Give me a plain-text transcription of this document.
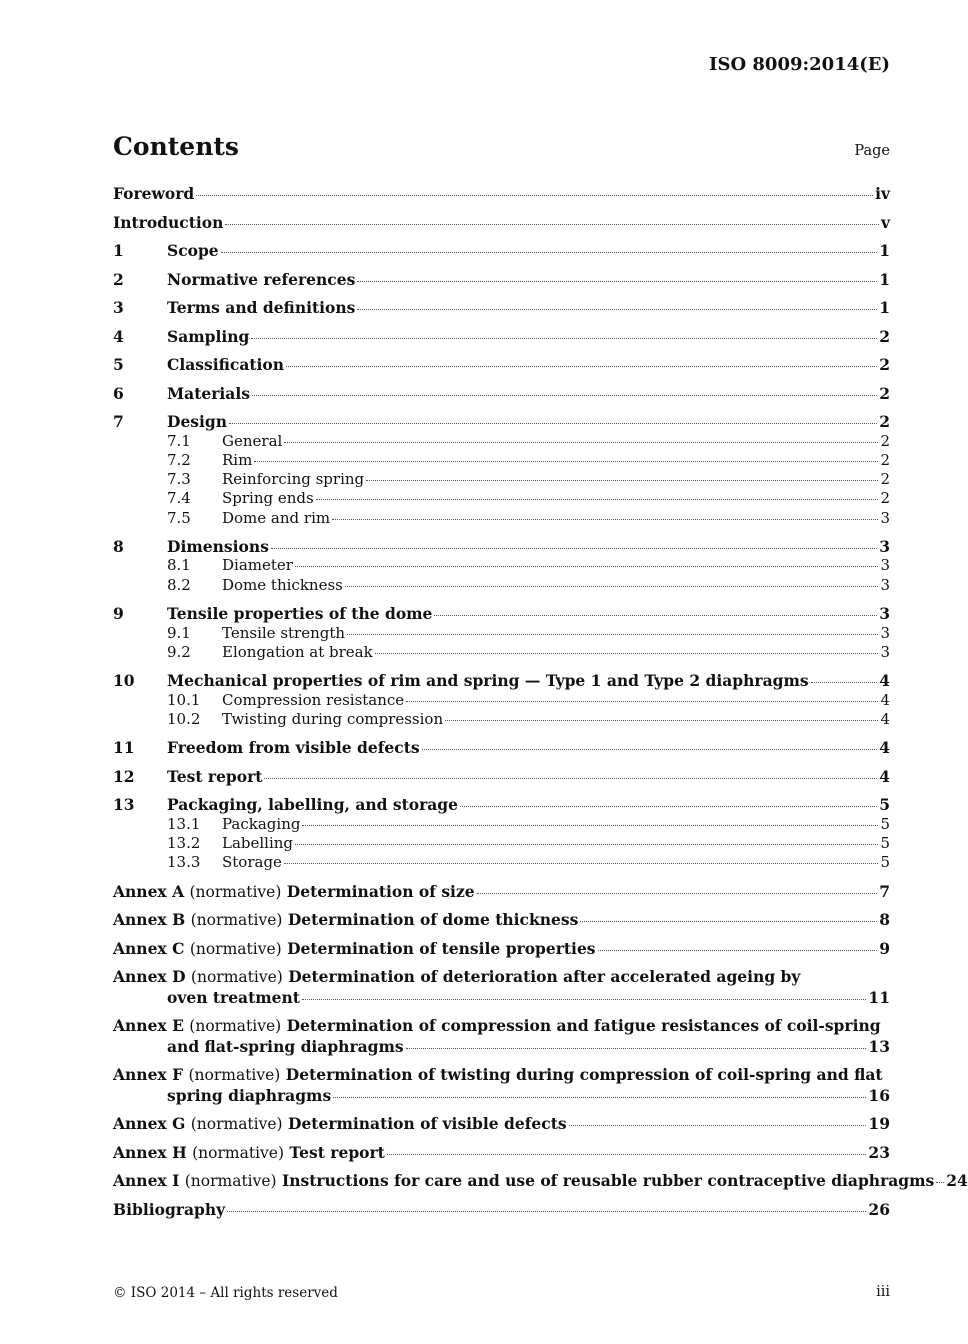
ISO 8009:2014(E)
Contents	Page
Foreword	iv
Introduction	v
1	Scope	1
2	Normative references	1
3	Terms and definitions	1
4	Sampling	2
5	Classification	2
6	Materials	2
7	Design	2
7.1	General	2
7.2	Rim	2
7.3	Reinforcing spring	2
7.4	Spring ends	2
7.5	Dome and rim	3
8	Dimensions	3
8.1	Diameter	3
8.2	Dome thickness	3
9	Tensile properties of the dome	3
9.1	Tensile strength	3
9.2	Elongation at break	3
10	Mechanical properties of rim and spring — Type 1 and Type 2 diaphragms	4
10.1	Compression resistance	4
10.2	Twisting during compression	4
11	Freedom from visible defects	4
12	Test report	4
13	Packaging, labelling, and storage	5
13.1	Packaging	5
13.2	Labelling	5
13.3	Storage	5
Annex A (normative) Determination of size	7
Annex B (normative) Determination of dome thickness	8
Annex C (normative) Determination of tensile properties	9
Annex D (normative) Determination of deterioration after accelerated ageing by
oven treatment	11
Annex E (normative) Determination of compression and fatigue resistances of coil-spring
and flat-spring diaphragms	13
Annex F (normative) Determination of twisting during compression of coil-spring and flat
spring diaphragms	16
Annex G (normative) Determination of visible defects	19
Annex H (normative) Test report	23
Annex I (normative) Instructions for care and use of reusable rubber contraceptive diaphragms 24
Bibliography	26
© ISO 2014 – All rights reserved	iii
